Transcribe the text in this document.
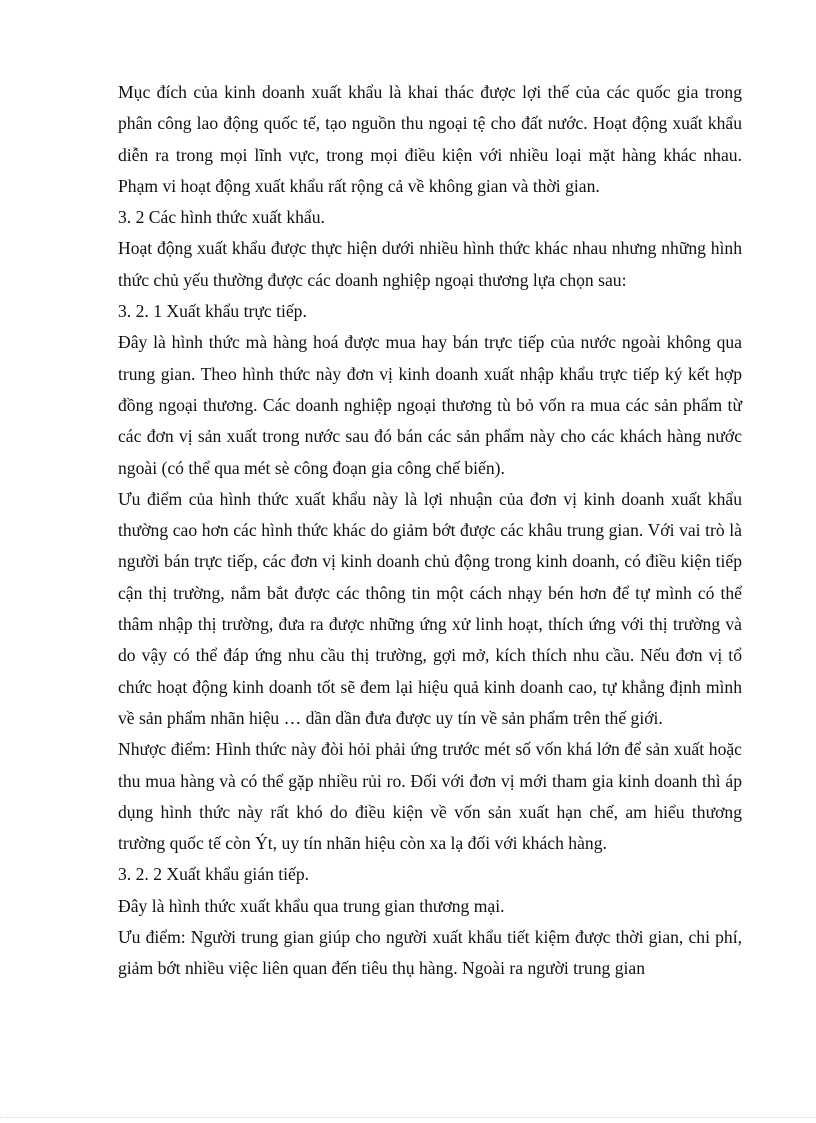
Mục đích của kinh doanh xuất khẩu là khai thác được lợi thế của các quốc gia trong phân công lao động quốc tế, tạo nguồn thu ngoại tệ cho đất nước. Hoạt động xuất khẩu diễn ra trong mọi lĩnh vực, trong mọi điều kiện với nhiều loại mặt hàng khác nhau. Phạm vi hoạt động xuất khẩu rất rộng cả về không gian và thời gian.

3. 2 Các hình thức xuất khẩu.

Hoạt động xuất khẩu được thực hiện dưới nhiều hình thức khác nhau nhưng những hình thức chủ yếu thường được các doanh nghiệp ngoại thương lựa chọn sau:

3. 2. 1 Xuất khẩu trực tiếp.

Đây là hình thức mà hàng hoá được mua hay bán trực tiếp của nước ngoài không qua trung gian. Theo hình thức này đơn vị kinh doanh xuất nhập khẩu trực tiếp ký kết hợp đồng ngoại thương. Các doanh nghiệp ngoại thương tù bỏ vốn ra mua các sản phẩm từ các đơn vị sản xuất trong nước sau đó bán các sản phẩm này cho các khách hàng nước ngoài (có thể qua mét sè công đoạn gia công chế biến).

Ưu điểm của hình thức xuất khẩu này là lợi nhuận của đơn vị kinh doanh xuất khẩu thường cao hơn các hình thức khác do giảm bớt được các khâu trung gian. Với vai trò là người bán trực tiếp, các đơn vị kinh doanh chủ động trong kinh doanh, có điều kiện tiếp cận thị trường, nắm bắt được các thông tin một cách nhạy bén hơn để tự mình có thể thâm nhập thị trường, đưa ra được những ứng xử linh hoạt, thích ứng với thị trường và do vậy có thể đáp ứng nhu cầu thị trường, gợi mở, kích thích nhu cầu. Nếu đơn vị tổ chức hoạt động kinh doanh tốt sẽ đem lại hiệu quả kinh doanh cao, tự khẳng định mình về sản phẩm nhãn hiệu … dần dần đưa được uy tín về sản phẩm trên thế giới.

Nhược điểm: Hình thức này đòi hỏi phải ứng trước mét số vốn khá lớn để sản xuất hoặc thu mua hàng và có thể gặp nhiều rủi ro. Đối với đơn vị mới tham gia kinh doanh thì áp dụng hình thức này rất khó do điều kiện về vốn sản xuất hạn chế, am hiểu thương trường quốc tế còn Ýt, uy tín nhãn hiệu còn xa lạ đối với khách hàng.

3. 2. 2 Xuất khẩu gián tiếp.

Đây là hình thức xuất khẩu qua trung gian thương mại.

Ưu điểm: Người trung gian giúp cho người xuất khẩu tiết kiệm được thời gian, chi phí, giảm bớt nhiều việc liên quan đến tiêu thụ hàng. Ngoài ra người trung gian
